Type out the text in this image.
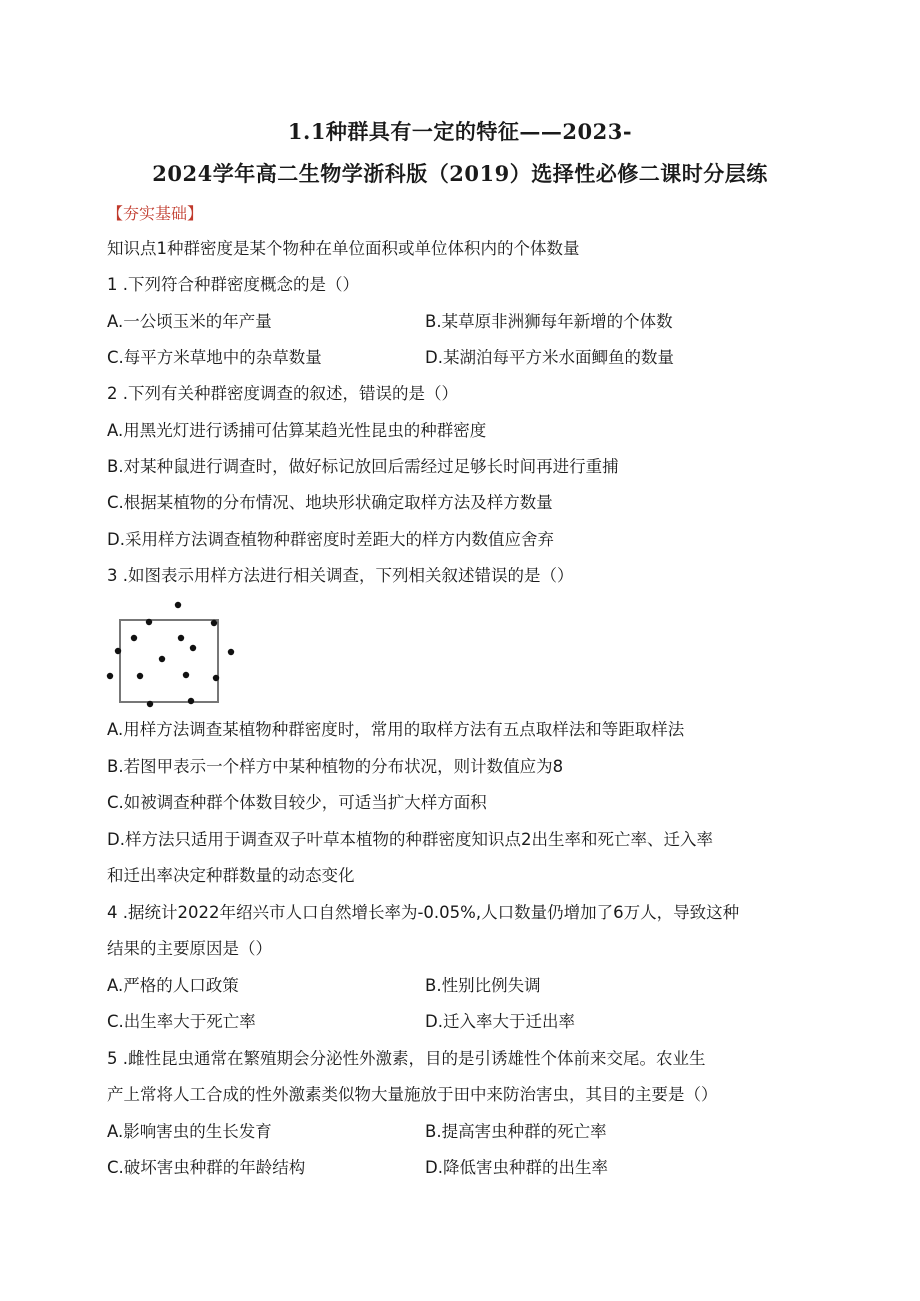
1.1种群具有一定的特征——2023-
2024学年高二生物学浙科版（2019）选择性必修二课时分层练
【夯实基础】
知识点1种群密度是某个物种在单位面积或单位体积内的个体数量
1 .下列符合种群密度概念的是（）
A.一公顷玉米的年产量	B.某草原非洲狮每年新增的个体数
C.每平方米草地中的杂草数量	D.某湖泊每平方米水面鲫鱼的数量
2 .下列有关种群密度调查的叙述，错误的是（）
A.用黑光灯进行诱捕可估算某趋光性昆虫的种群密度
B.对某种鼠进行调查时，做好标记放回后需经过足够长时间再进行重捕
C.根据某植物的分布情况、地块形状确定取样方法及样方数量
D.采用样方法调查植物种群密度时差距大的样方内数值应舍弃
3 .如图表示用样方法进行相关调查，下列相关叙述错误的是（）
A.用样方法调查某植物种群密度时，常用的取样方法有五点取样法和等距取样法
B.若图甲表示一个样方中某种植物的分布状况，则计数值应为8
C.如被调查种群个体数目较少，可适当扩大样方面积
D.样方法只适用于调查双子叶草本植物的种群密度知识点2出生率和死亡率、迁入率
和迁出率决定种群数量的动态变化
4 .据统计2022年绍兴市人口自然增长率为-0.05%,人口数量仍增加了6万人，导致这种
结果的主要原因是（）
A.严格的人口政策	B.性别比例失调
C.出生率大于死亡率	D.迁入率大于迁出率
5 .雌性昆虫通常在繁殖期会分泌性外激素，目的是引诱雄性个体前来交尾。农业生
产上常将人工合成的性外激素类似物大量施放于田中来防治害虫，其目的主要是（）
A.影响害虫的生长发育	B.提高害虫种群的死亡率
C.破坏害虫种群的年龄结构	D.降低害虫种群的出生率
